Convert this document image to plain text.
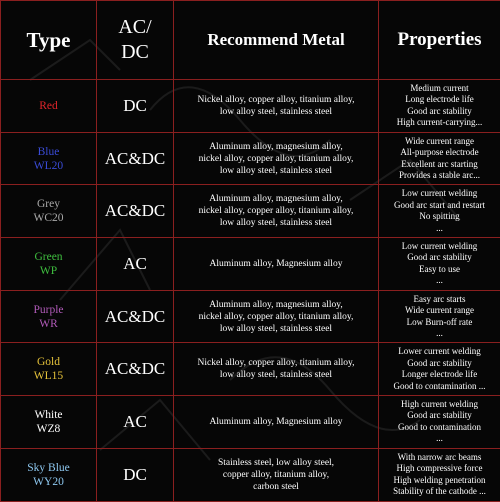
Type	AC/
DC	Recommend Metal	Properties

Red	DC	Nickel alloy, copper alloy, titanium alloy,
low alloy steel, stainless steel	Medium current
Long electrode life
Good arc stability
High current-carrying...

Blue
WL20	AC&DC	Aluminum alloy, magnesium alloy,
nickel alloy, copper alloy, titanium alloy,
low alloy steel, stainless steel	Wide current range
All-purpose electrode
Excellent arc starting
Provides a stable arc...

Grey
WC20	AC&DC	Aluminum alloy, magnesium alloy,
nickel alloy, copper alloy, titanium alloy,
low alloy steel, stainless steel	Low current welding
Good arc start and restart
No spitting
...

Green
WP	AC	Aluminum alloy, Magnesium alloy	Low current welding
Good arc stability
Easy to use
...

Purple
WR	AC&DC	Aluminum alloy, magnesium alloy,
nickel alloy, copper alloy, titanium alloy,
low alloy steel, stainless steel	Easy arc starts
Wide current range
Low Burn-off rate
...

Gold
WL15	AC&DC	Nickel alloy, copper alloy, titanium alloy,
low alloy steel, stainless steel	Lower current welding
Good arc stability
Longer electrode life
Good to contamination ...

White
WZ8	AC	Aluminum alloy, Magnesium alloy	High current welding
Good arc stability
Good to contamination
...

Sky Blue
WY20	DC	Stainless steel, low alloy steel,
copper alloy, titanium alloy,
carbon steel	With narrow arc beams
High compressive force
High welding penetration
Stability of the cathode ...
